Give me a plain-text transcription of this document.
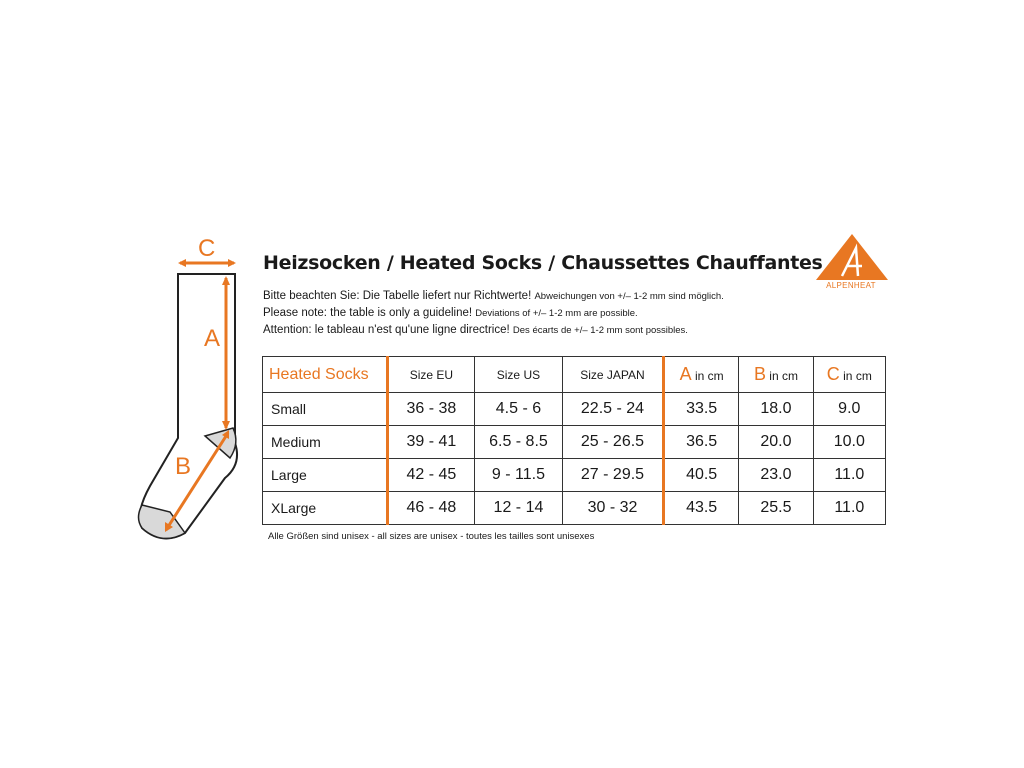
C
A
B
Heizsocken / Heated Socks / Chaussettes Chauffantes
Bitte beachten Sie: Die Tabelle liefert nur Richtwerte! Abweichungen von +/– 1-2 mm sind möglich.
Please note: the table is only a guideline! Deviations of +/– 1-2 mm are possible.
Attention: le tableau n'est qu'une ligne directrice! Des écarts de +/– 1-2 mm sont possibles.
ALPENHEAT
Heated Socks	Size EU	Size US	Size JAPAN	A in cm	B in cm	C in cm
Small	36 - 38	4.5 - 6	22.5 - 24	33.5	18.0	9.0
Medium	39 - 41	6.5 - 8.5	25 - 26.5	36.5	20.0	10.0
Large	42 - 45	9 - 11.5	27 - 29.5	40.5	23.0	11.0
XLarge	46 - 48	12 - 14	30 - 32	43.5	25.5	11.0
Alle Größen sind unisex - all sizes are unisex - toutes les tailles sont unisexes
